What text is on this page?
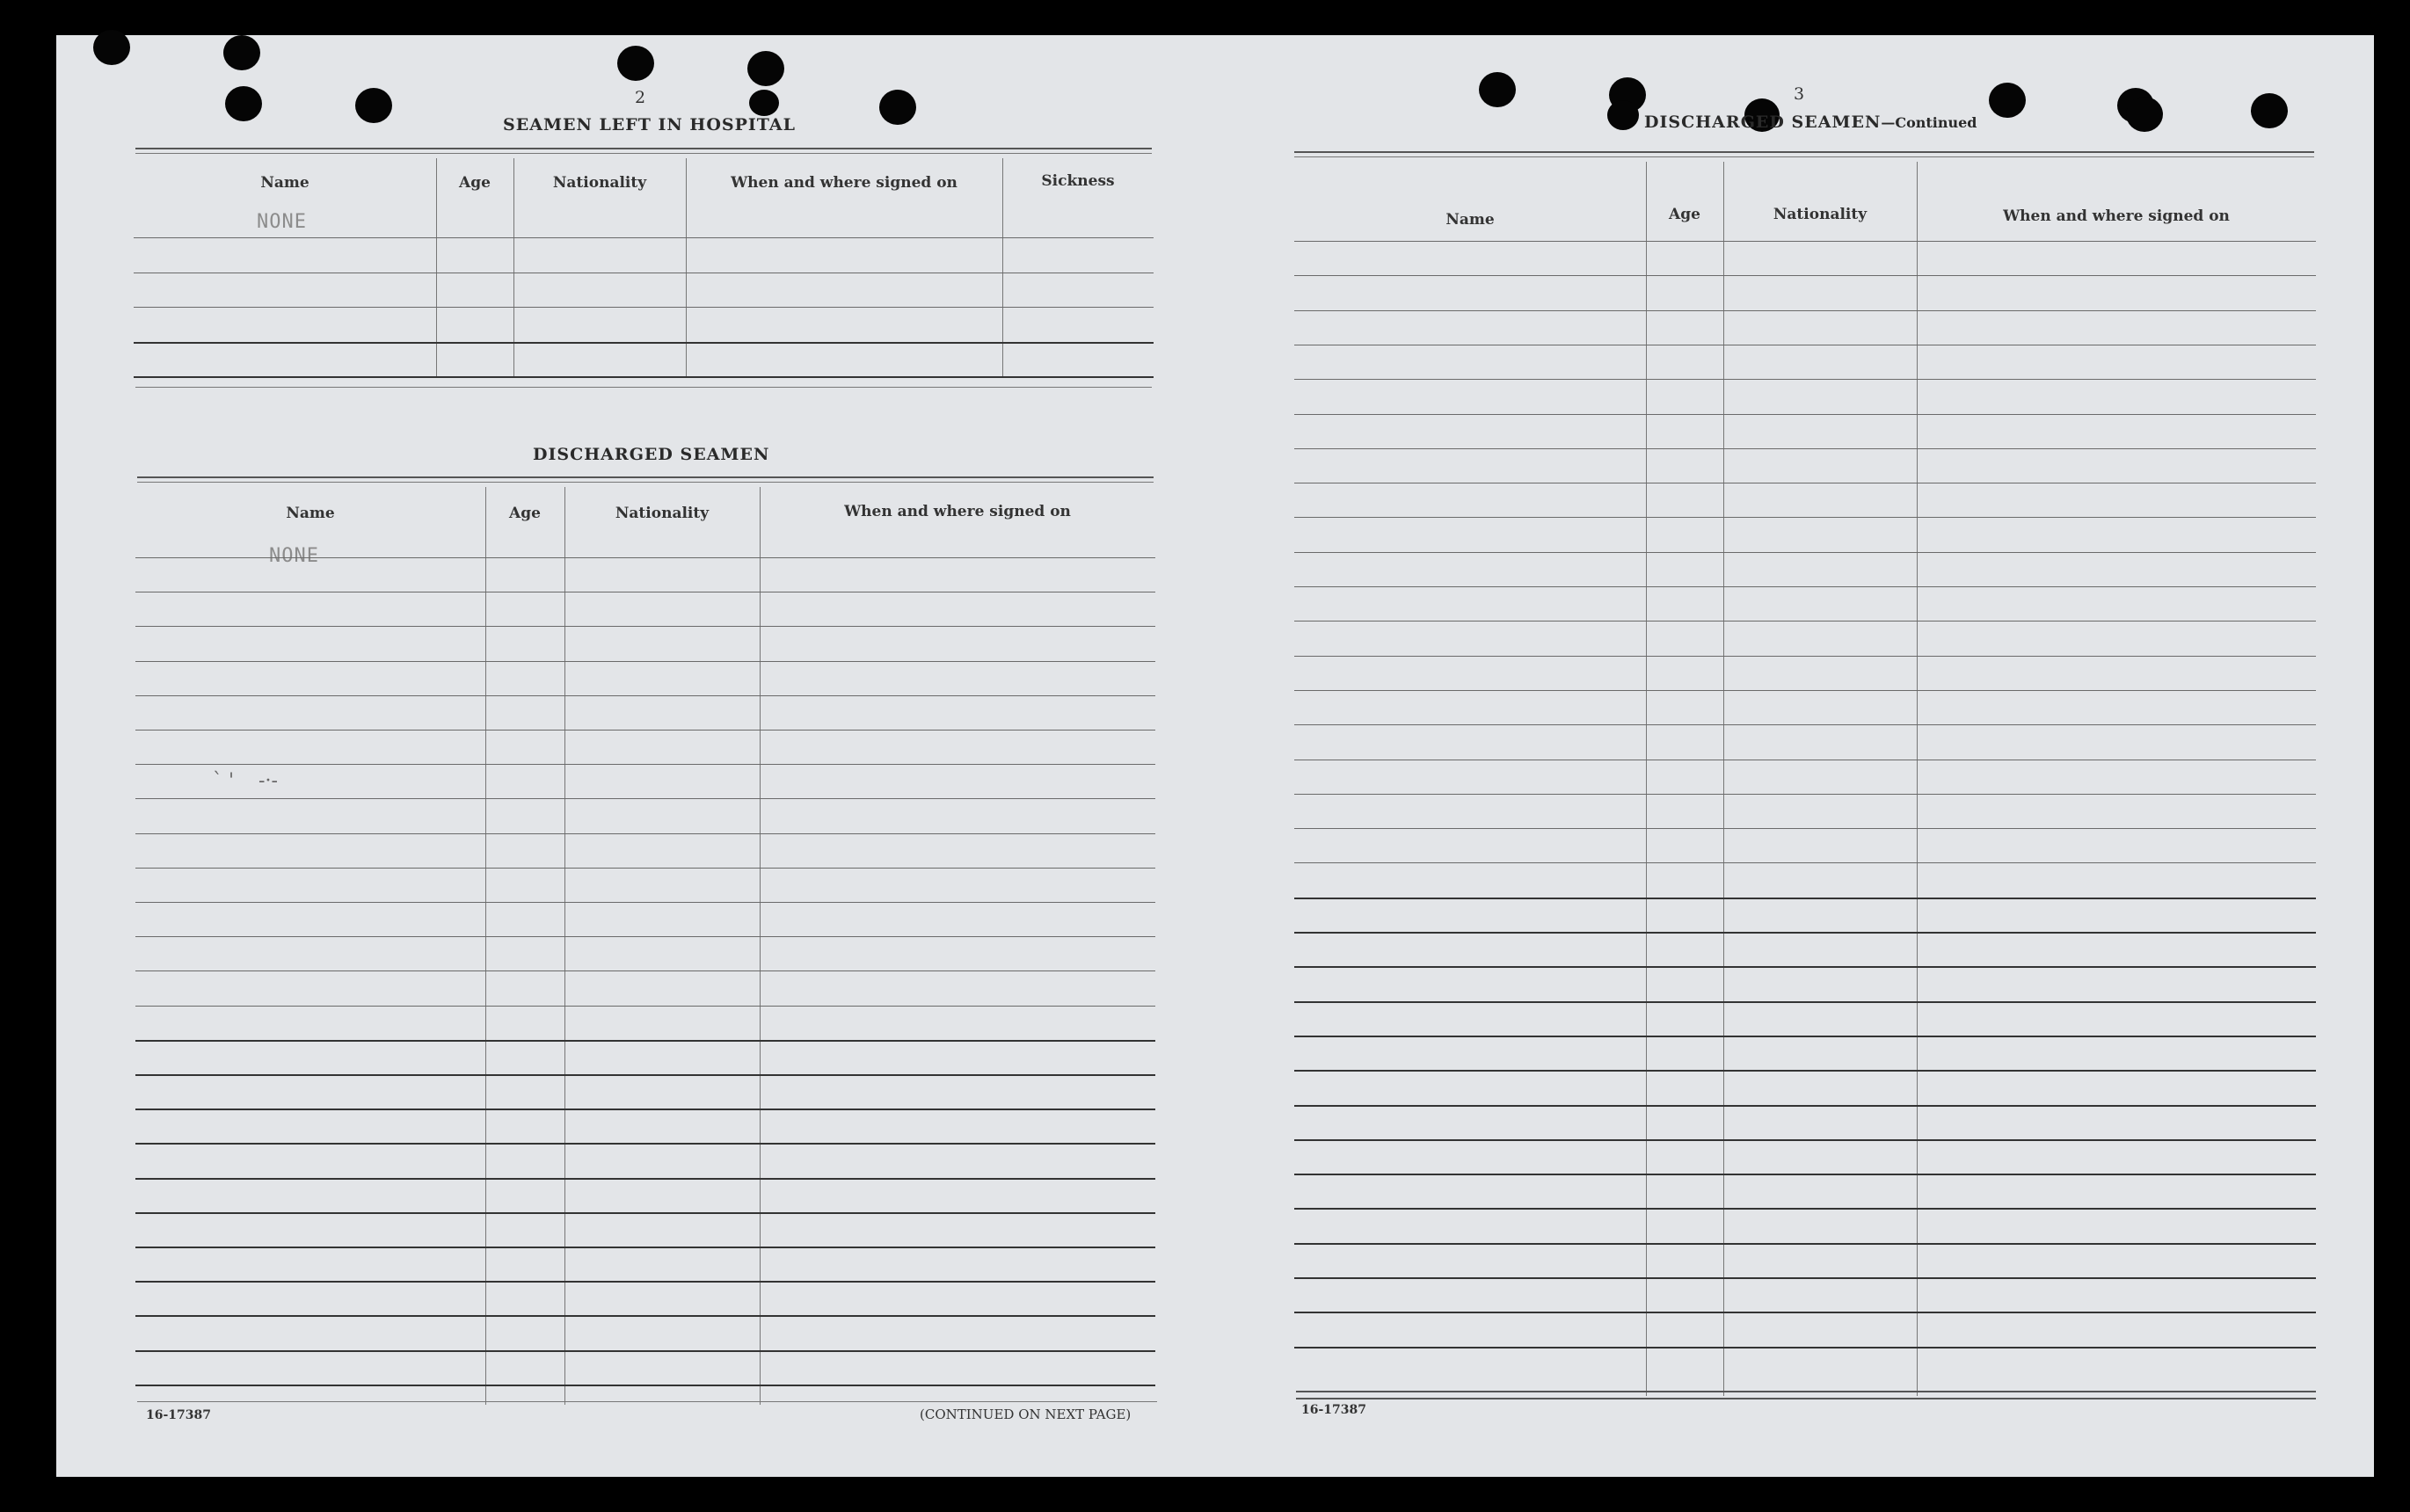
2
SEAMEN LEFT IN HOSPITAL
Name	Age	Nationality	When and where signed on	Sickness
NONE
DISCHARGED SEAMEN
Name	Age	Nationality	When and where signed on
NONE
` '    -·-
16-17387	(CONTINUED ON NEXT PAGE)
3
DISCHARGED SEAMEN—Continued
Name	Age	Nationality	When and where signed on
16-17387
